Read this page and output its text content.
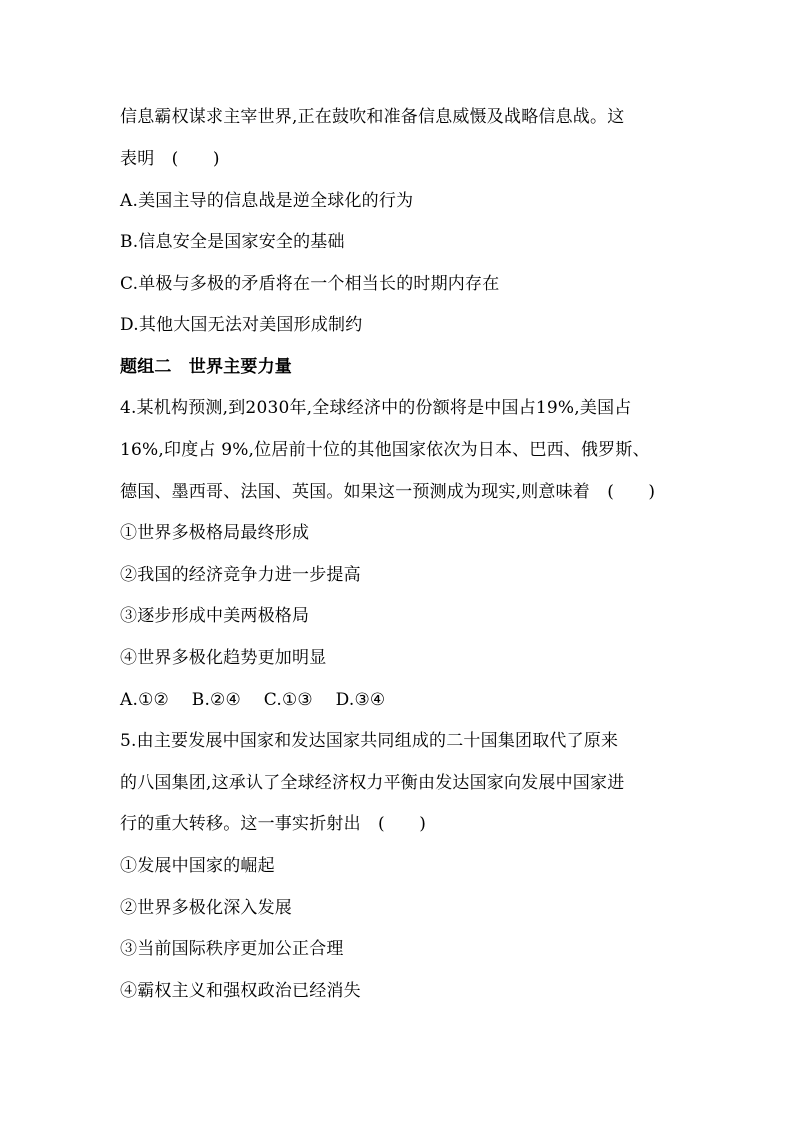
信息霸权谋求主宰世界,正在鼓吹和准备信息威慑及战略信息战。这
表明　(　　)
A.美国主导的信息战是逆全球化的行为
B.信息安全是国家安全的基础
C.单极与多极的矛盾将在一个相当长的时期内存在
D.其他大国无法对美国形成制约
题组二　世界主要力量
4.某机构预测,到2030年,全球经济中的份额将是中国占19%,美国占
16%,印度占 9%,位居前十位的其他国家依次为日本、巴西、俄罗斯、
德国、墨西哥、法国、英国。如果这一预测成为现实,则意味着　(　　)
①世界多极格局最终形成
②我国的经济竞争力进一步提高
③逐步形成中美两极格局
④世界多极化趋势更加明显
A.①②　 B.②④　 C.①③　 D.③④
5.由主要发展中国家和发达国家共同组成的二十国集团取代了原来
的八国集团,这承认了全球经济权力平衡由发达国家向发展中国家进
行的重大转移。这一事实折射出　(　　)
①发展中国家的崛起
②世界多极化深入发展
③当前国际秩序更加公正合理
④霸权主义和强权政治已经消失
